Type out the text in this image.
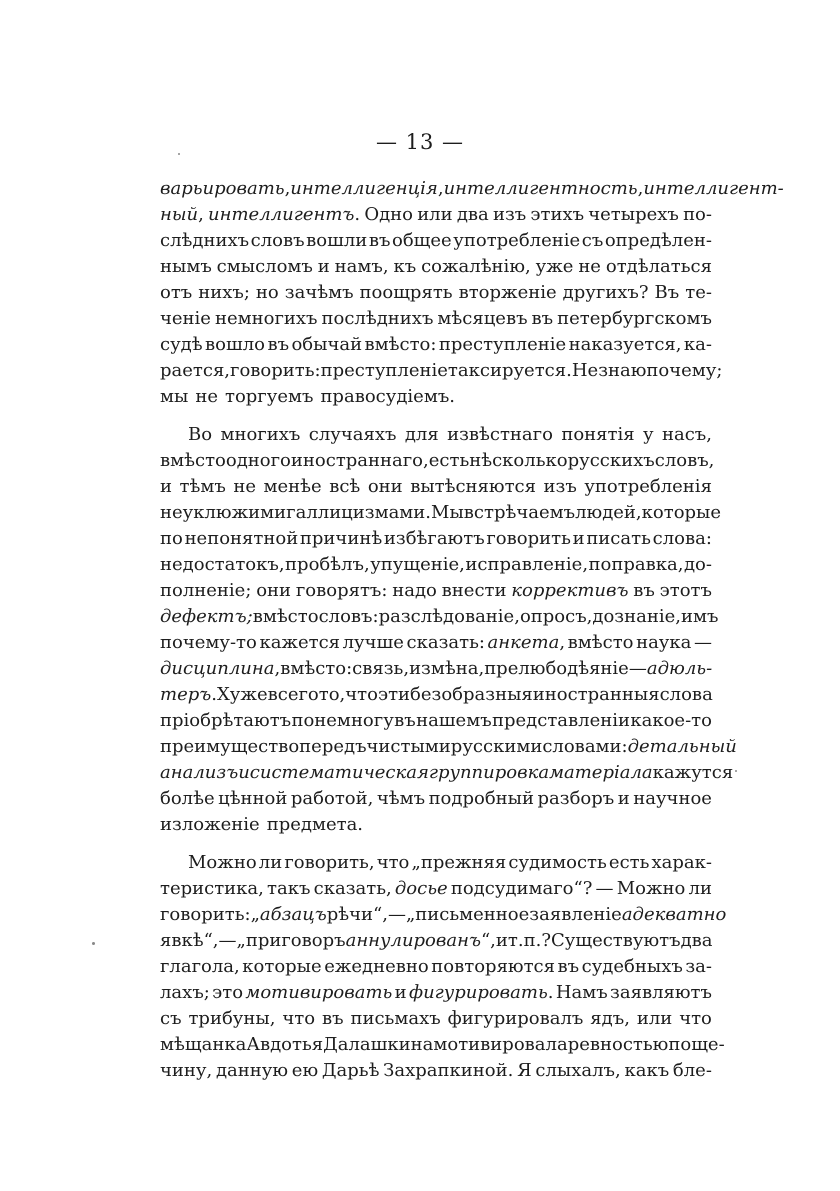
— 13 —
варьировать, интеллигенція, интеллигентность, интеллигент-
ный, интеллигентъ. Одно или два изъ этихъ четырехъ по-
слѣднихъ словъ вошли въ общее употребленіе съ опредѣлен-
нымъ смысломъ и намъ, къ сожалѣнію, уже не отдѣлаться
отъ нихъ; но зачѣмъ поощрять вторженіе другихъ? Въ те-
ченіе немногихъ послѣднихъ мѣсяцевъ въ петербургскомъ
судѣ вошло въ обычай вмѣсто: преступленіе наказуется, ка-
рается, говорить: преступленіе таксируется. Не знаю почему;
мы не торгуемъ правосудіемъ.
Во многихъ случаяхъ для извѣстнаго понятія у насъ,
вмѣсто одного иностраннаго, есть нѣсколько русскихъ словъ,
и тѣмъ не менѣе всѣ они вытѣсняются изъ употребленія
неуклюжими галлицизмами. Мы встрѣчаемъ людей, которые
по непонятной причинѣ избѣгаютъ говорить и писать слова:
недостатокъ, пробѣлъ, упущеніе, исправленіе, поправка, до-
полненіе; они говорятъ: надо внести коррективъ въ этотъ
дефектъ; вмѣсто словъ: разслѣдованіе, опросъ, дознаніе, имъ
почему-то кажется лучше сказать: анкета, вмѣсто наука —
дисциплина, вмѣсто: связь, измѣна, прелюбодѣяніе — адюль-
теръ. Хуже всего то, что эти безобразныя иностранныя слова
пріобрѣтаютъ понемногу въ нашемъ представленіи какое-то
преимущество передъ чистыми русскими словами: детальный
анализъ и систематическая группировка матеріала кажутся
болѣе цѣнной работой, чѣмъ подробный разборъ и научное
изложеніе предмета.
Можно ли говорить, что „прежняя судимость есть харак-
теристика, такъ сказать, досье подсудимаго“? — Можно ли
говорить: „абзацъ рѣчи“, — „письменное заявленіе адекватно
явкѣ“, — „приговоръ аннулированъ“, и т. п.? Существуютъ два
глагола, которые ежедневно повторяются въ судебныхъ за-
лахъ; это мотивировать и фигурировать. Намъ заявляютъ
съ трибуны, что въ письмахъ фигурировалъ ядъ, или что
мѣщанка Авдотья Далашкина мотивировала ревностью поще-
чину, данную ею Дарьѣ Захрапкиной. Я слыхалъ, какъ бле-
